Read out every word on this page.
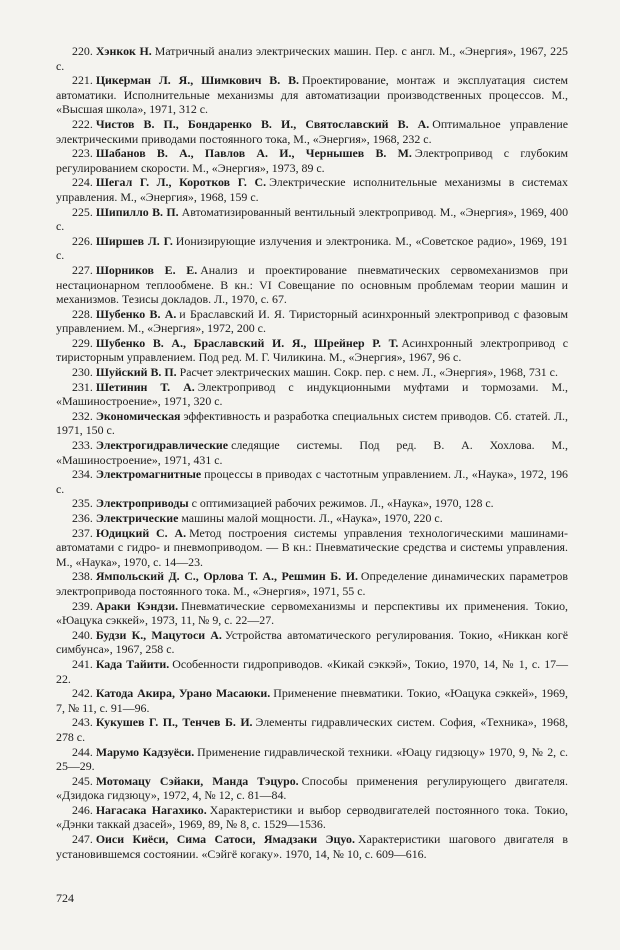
220. Хэнкок Н. Матричный анализ электрических машин. Пер. с англ. М., «Энергия», 1967, 225 с.

221. Цикерман Л. Я., Шимкович В. В. Проектирование, монтаж и эксплуатация систем автоматики. Исполнительные механизмы для автоматизации производственных процессов. М., «Высшая школа», 1971, 312 с.

222. Чистов В. П., Бондаренко В. И., Святославский В. А. Оптимальное управление электрическими приводами постоянного тока, М., «Энергия», 1968, 232 с.

223. Шабанов В. А., Павлов А. И., Чернышев В. М. Электропривод с глубоким регулированием скорости. М., «Энергия», 1973, 89 с.

224. Шегал Г. Л., Коротков Г. С. Электрические исполнительные механизмы в системах управления. М., «Энергия», 1968, 159 с.

225. Шипилло В. П. Автоматизированный вентильный электропривод. М., «Энергия», 1969, 400 с.

226. Ширшев Л. Г. Ионизирующие излучения и электроника. М., «Советское радио», 1969, 191 с.

227. Шорников Е. Е. Анализ и проектирование пневматических сервомеханизмов при нестационарном теплообмене. В кн.: VI Совещание по основным проблемам теории машин и механизмов. Тезисы докладов. Л., 1970, с. 67.

228. Шубенко В. А. и Браславский И. Я. Тиристорный асинхронный электропривод с фазовым управлением. М., «Энергия», 1972, 200 с.

229. Шубенко В. А., Браславский И. Я., Шрейнер Р. Т. Асинхронный электропривод с тиристорным управлением. Под ред. М. Г. Чиликина. М., «Энергия», 1967, 96 с.

230. Шуйский В. П. Расчет электрических машин. Сокр. пер. с нем. Л., «Энергия», 1968, 731 с.

231. Шетинин Т. А. Электропривод с индукционными муфтами и тормозами. М., «Машиностроение», 1971, 320 с.

232. Экономическая эффективность и разработка специальных систем приводов. Сб. статей. Л., 1971, 150 с.

233. Электрогидравлические следящие системы. Под ред. В. А. Хохлова. М., «Машиностроение», 1971, 431 с.

234. Электромагнитные процессы в приводах с частотным управлением. Л., «Наука», 1972, 196 с.

235. Электроприводы с оптимизацией рабочих режимов. Л., «Наука», 1970, 128 с.

236. Электрические машины малой мощности. Л., «Наука», 1970, 220 с.

237. Юдицкий С. А. Метод построения системы управления технологическими машинами-автоматами с гидро- и пневмоприводом. — В кн.: Пневматические средства и системы управления. М., «Наука», 1970, с. 14—23.

238. Ямпольский Д. С., Орлова Т. А., Решмин Б. И. Определение динамических параметров электропривода постоянного тока. М., «Энергия», 1971, 55 с.

239. Араки Кэндзи. Пневматические сервомеханизмы и перспективы их применения. Токио, «Юацука сэккей», 1973, 11, № 9, с. 22—27.

240. Будзи К., Мацутоси А. Устройства автоматического регулирования. Токио, «Никкан когё симбунса», 1967, 258 с.

241. Када Тайити. Особенности гидроприводов. «Кикай сэккэй», Токио, 1970, 14, № 1, с. 17—22.

242. Катода Акира, Урано Масаюки. Применение пневматики. Токио, «Юацука сэккей», 1969, 7, № 11, с. 91—96.

243. Кукушев Г. П., Тенчев Б. И. Элементы гидравлических систем. София, «Техника», 1968, 278 с.

244. Марумо Кадзуёси. Применение гидравлической техники. «Юацу гидзюцу» 1970, 9, № 2, с. 25—29.

245. Мотомацу Сэйаки, Манда Тэцуро. Способы применения регулирующего двигателя. «Дзидока гидзюцу», 1972, 4, № 12, с. 81—84.

246. Нагасака Нагахико. Характеристики и выбор серводвигателей постоянного тока. Токио, «Дэнки таккай дзасей», 1969, 89, № 8, с. 1529—1536.

247. Оиси Киёси, Сима Сатоси, Ямадзаки Эцуо. Характеристики шагового двигателя в установившемся состоянии. «Сэйгё когаку». 1970, 14, № 10, с. 609—616.

724
